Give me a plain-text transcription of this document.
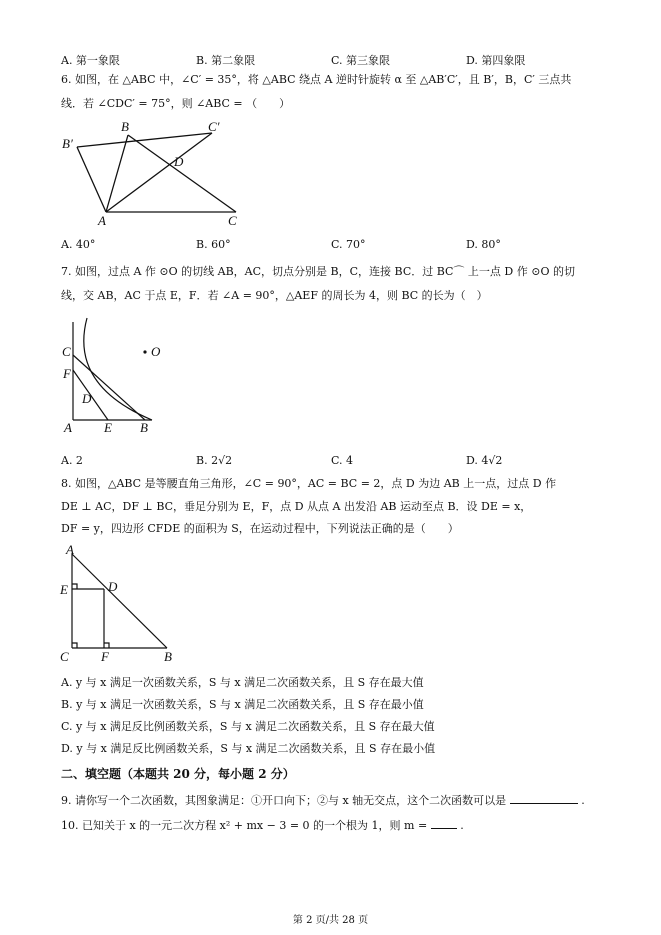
A. 第一象限	B. 第二象限	C. 第三象限	D. 第四象限
6. 如图，在 △ABC 中，∠C′ = 35°，将 △ABC 绕点 A 逆时针旋转 α 至 △AB′C′，且 B′，B，C′ 三点共
线．若 ∠CDC′ = 75°，则 ∠ABC = （　　）
B′
B	C′
D
A	C
A. 40°	B. 60°	C. 70°	D. 80°
7. 如图，过点 A 作 ⊙O 的切线 AB，AC，切点分别是 B，C，连接 BC．过 BC⌒ 上一点 D 作 ⊙O 的切
线，交 AB，AC 于点 E，F．若 ∠A = 90°，△AEF 的周长为 4，则 BC 的长为（　）
C	O
F
D
A E B
A. 2	B. 2√2	C. 4	D. 4√2
8. 如图，△ABC 是等腰直角三角形，∠C = 90°，AC = BC = 2，点 D 为边 AB 上一点，过点 D 作
DE ⊥ AC，DF ⊥ BC，垂足分别为 E，F，点 D 从点 A 出发沿 AB 运动至点 B．设 DE = x，
DF = y，四边形 CFDE 的面积为 S，在运动过程中，下列说法正确的是（　　）
A
E	D
C F	B
A. y 与 x 满足一次函数关系，S 与 x 满足二次函数关系，且 S 存在最大值
B. y 与 x 满足一次函数关系，S 与 x 满足二次函数关系，且 S 存在最小值
C. y 与 x 满足反比例函数关系，S 与 x 满足二次函数关系，且 S 存在最大值
D. y 与 x 满足反比例函数关系，S 与 x 满足二次函数关系，且 S 存在最小值
二、填空题（本题共 20 分，每小题 2 分）
9. 请你写一个二次函数，其图象满足：①开口向下；②与 x 轴无交点，这个二次函数可以是	.
10. 已知关于 x 的一元二次方程 x² + mx − 3 = 0 的一个根为 1，则 m =	.
第 2 页/共 28 页
